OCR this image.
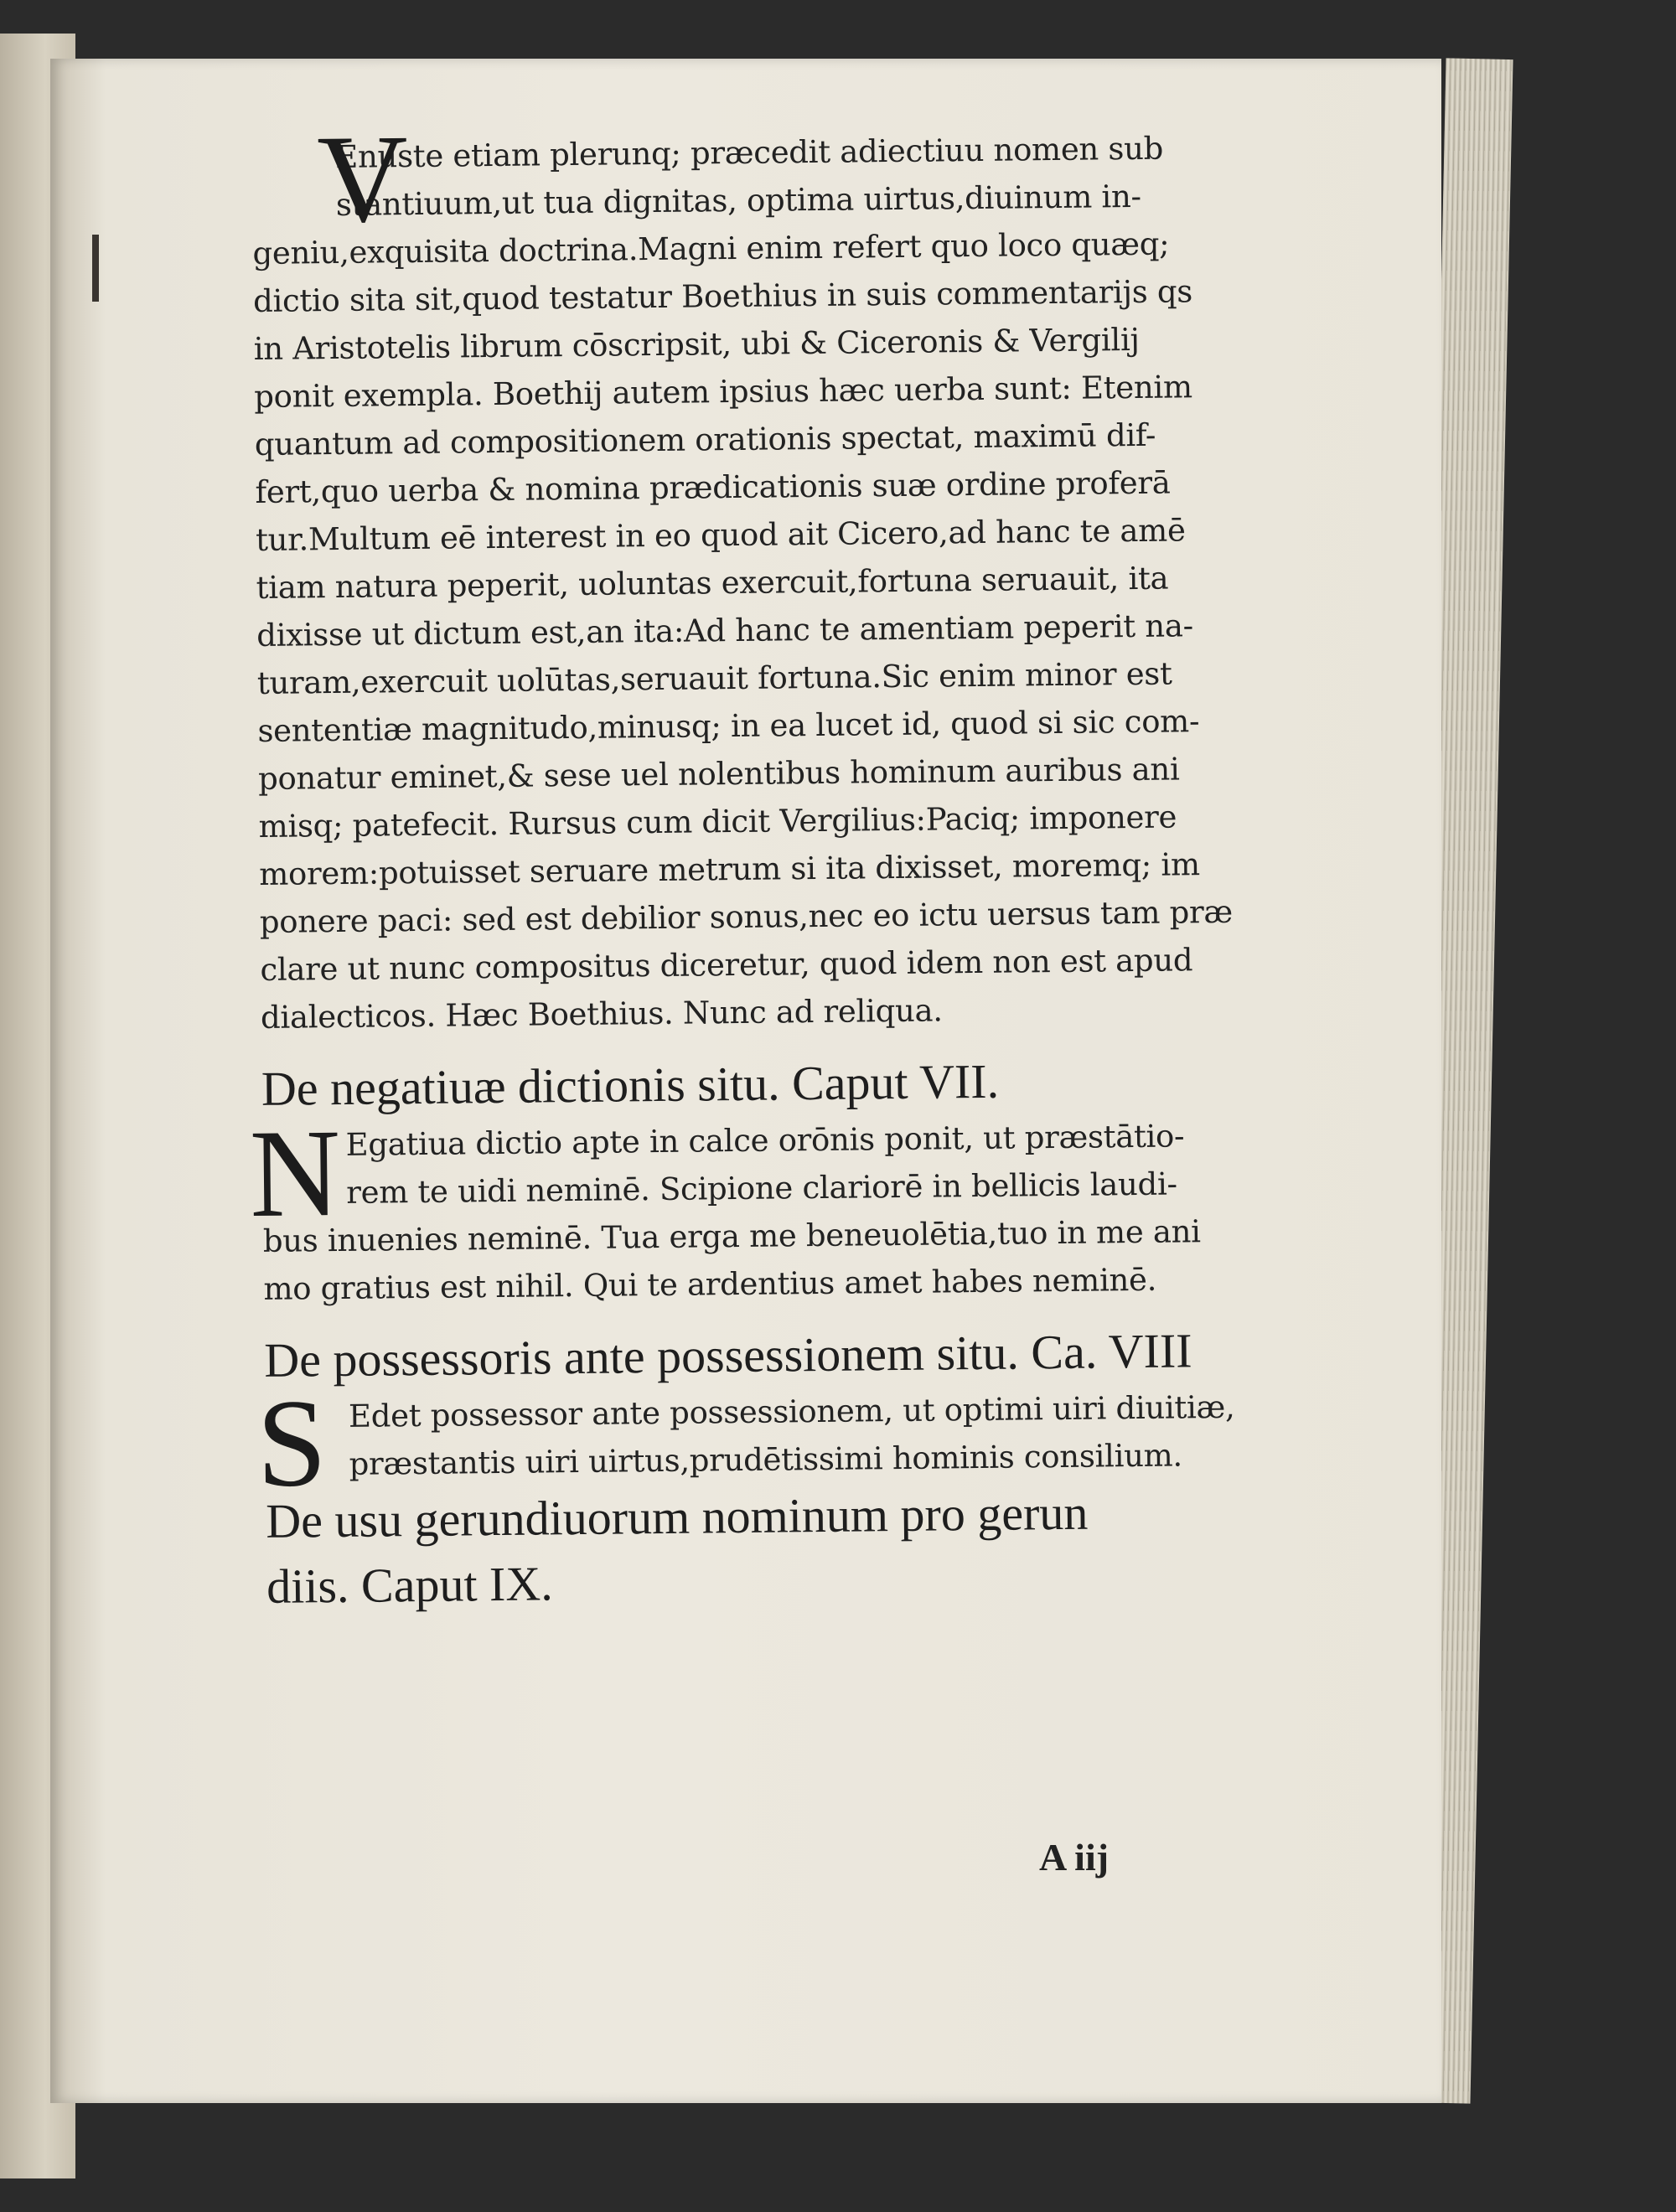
V
Enuste etiam plerunq; præcedit adiectiuu nomen sub
stantiuum,ut tua dignitas, optima uirtus,diuinum in-
geniu,exquisita doctrina.Magni enim refert quo loco quæq;
dictio sita sit,quod testatur Boethius in suis commentarijs qs
in Aristotelis librum cōscripsit, ubi & Ciceronis & Vergilij
ponit exempla. Boethij autem ipsius hæc uerba sunt: Etenim
quantum ad compositionem orationis spectat, maximū dif-
fert,quo uerba & nomina prædicationis suæ ordine proferā
tur.Multum eē interest in eo quod ait Cicero,ad hanc te amē
tiam natura peperit, uoluntas exercuit,fortuna seruauit, ita
dixisse ut dictum est,an ita:Ad hanc te amentiam peperit na-
turam,exercuit uolūtas,seruauit fortuna.Sic enim minor est
sententiæ magnitudo,minusq; in ea lucet id, quod si sic com-
ponatur eminet,& sese uel nolentibus hominum auribus ani
misq; patefecit. Rursus cum dicit Vergilius:Paciq; imponere
morem:potuisset seruare metrum si ita dixisset, moremq; im
ponere paci: sed est debilior sonus,nec eo ictu uersus tam præ
clare ut nunc compositus diceretur, quod idem non est apud
dialecticos. Hæc Boethius. Nunc ad reliqua.
De negatiuæ dictionis situ. Caput VII.
N Egatiua dictio apte in calce orōnis ponit, ut præstātio-
rem te uidi neminē. Scipione clariorē in bellicis laudi-
bus inuenies neminē. Tua erga me beneuolētia,tuo in me ani
mo gratius est nihil. Qui te ardentius amet habes neminē.
De possessoris ante possessionem situ. Ca. VIII
S Edet possessor ante possessionem, ut optimi uiri diuitiæ,
præstantis uiri uirtus,prudētissimi hominis consilium.
De usu gerundiuorum nominum pro gerun
diis. Caput IX.
A iij
